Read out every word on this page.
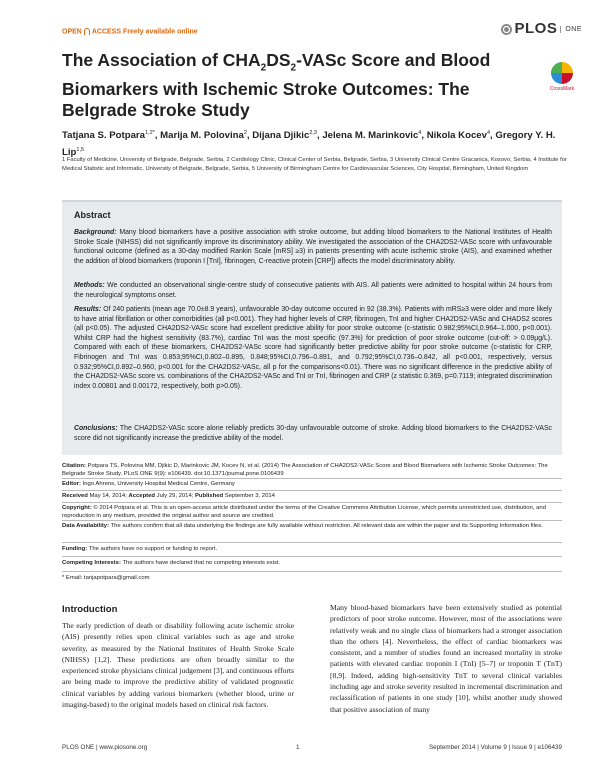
OPEN ACCESS Freely available online	PLOS ONE
The Association of $CHA_2DS_2$-VASc Score and Blood Biomarkers with Ischemic Stroke Outcomes: The Belgrade Stroke Study
CrossMark
Tatjana S. Potpara$^{1,2*}$, Marija M. Polovina$^2$, Dijana Djikic$^{2,3}$, Jelena M. Marinkovic$^4$, Nikola Kocev$^4$, Gregory Y. H. Lip$^{1,5}$
1 Faculty of Medicine, University of Belgrade, Belgrade, Serbia, 2 Cardiology Clinic, Clinical Center of Serbia, Belgrade, Serbia, 3 University Clinical Centre Gracanica, Kosovo, Serbia, 4 Institute for Medical Statistic and Informatic, University of Belgrade, Belgrade, Serbia, 5 University of Birmingham Centre for Cardiovascular Sciences, City Hospital, Birmingham, United Kingdom
Abstract
Background: Many blood biomarkers have a positive association with stroke outcome, but adding blood biomarkers to the National Institutes of Health Stroke Scale (NIHSS) did not significantly improve its discriminatory ability. We investigated the association of the CHA2DS2-VASc score with unfavourable functional outcome (defined as a 30-day modified Rankin Scale [mRS] ≥3) in patients presenting with acute ischemic stroke (AIS), and examined whether the addition of blood biomarkers (troponin I [TnI], fibrinogen, C-reactive protein [CRP]) affects the model discriminatory ability.
Methods: We conducted an observational single-centre study of consecutive patients with AIS. All patients were admitted to hospital within 24 hours from the neurological symptoms onset.
Results: Of 240 patients (mean age 70.0±8.9 years), unfavourable 30-day outcome occured in 92 (38.3%). Patients with mRS≥3 were older and more likely to have atrial fibrillation or other comorbidities (all p<0.001). They had higher levels of CRP, fibrinogen, TnI and higher CHA2DS2-VASc and CHADS2 scores (all p<0.05). The adjusted CHA2DS2-VASc score had excellent predictive ability for poor stroke outcome (c-statistic 0.982;95%CI,0.964–1.000, p<0.001). Whilst CRP had the highest sensitivity (83.7%), cardiac TnI was the most specific (97.3%) for prediction of poor stroke outcome (cut-off: > 0.09µg/L). Compared with each of these biomarkers, CHA2DS2-VASc score had significantly better predictive ability for poor stroke outcome (c-statistic for CRP, Fibrinogen and TnI was 0.853;95%CI,0.802–0.895, 0.848;95%CI,0.796–0.891, and 0.792;95%CI,0.736–0.842, all p<0.001, respectively, versus 0.932;95%CI,0.892–0.960, p<0.001 for the CHA2DS2-VASc, all p for the comparisons<0.01). There was no significant difference in the predictive ability of the CHA2DS2-VASc score vs. combinations of the CHA2DS2-VASc and TnI or TnI, fibrinogen and CRP (z statistic 0.369, p=0.7119; integrated discrimination index 0.00801 and 0.00172, respectively, both p>0.05).
Conclusions: The CHA2DS2-VASc score alone reliably predicts 30-day unfavourable outcome of stroke. Adding blood biomarkers to the CHA2DS2-VASc score did not significantly increase the predictive ability of the model.
Citation: Potpara TS, Polovina MM, Djikic D, Marinkovic JM, Kocev N, et al. (2014) The Association of CHA2DS2-VASc Score and Blood Biomarkers with Ischemic Stroke Outcomes: The Belgrade Stroke Study. PLoS ONE 9(9): e106439. doi:10.1371/journal.pone.0106439
Editor: Ingo Ahrens, University Hospital Medical Centre, Germany
Received May 14, 2014; Accepted July 29, 2014; Published September 3, 2014
Copyright: © 2014 Potpara et al. This is an open-access article distributed under the terms of the Creative Commons Attribution License, which permits unrestricted use, distribution, and reproduction in any medium, provided the original author and source are credited.
Data Availability: The authors confirm that all data underlying the findings are fully available without restriction. All relevant data are within the paper and its Supporting Information files.
Funding: The authors have no support or funding to report.
Competing Interests: The authors have declared that no competing interests exist.
* Email: tanjapotpara@gmail.com
Introduction
The early prediction of death or disability following acute ischemic stroke (AIS) presently relies upon clinical variables such as age and stroke severity, as measured by the National Institutes of Health Stroke Scale (NIHSS) [1,2]. These predictions are often broadly similar to the experienced stroke physicians clinical judgement [3], and continuous efforts are being made to improve the predictive ability of validated prognostic clinical variables by adding various biomarkers (whether blood, urine or imaging-based) to the original models based on clinical risk factors.
Many blood-based biomarkers have been extensively studied as potential predictors of poor stroke outcome. However, most of the associations were relatively weak and no single class of biomarkers had a stronger association than the others [4]. Nevertheless, the effect of cardiac biomarkers was consistent, and a number of studies found an increased mortality in stroke patients with elevated cardiac troponin I (TnI) [5–7] or troponin T (TnT) [8,9]. Indeed, adding high-sensitivity TnT to several clinical variables including age and stroke severity resulted in incremental discrimination and reclassification of patients in one study [10], whilst another study showed that positive association of many
PLOS ONE | www.plosone.org	1	September 2014 | Volume 9 | Issue 9 | e106439
